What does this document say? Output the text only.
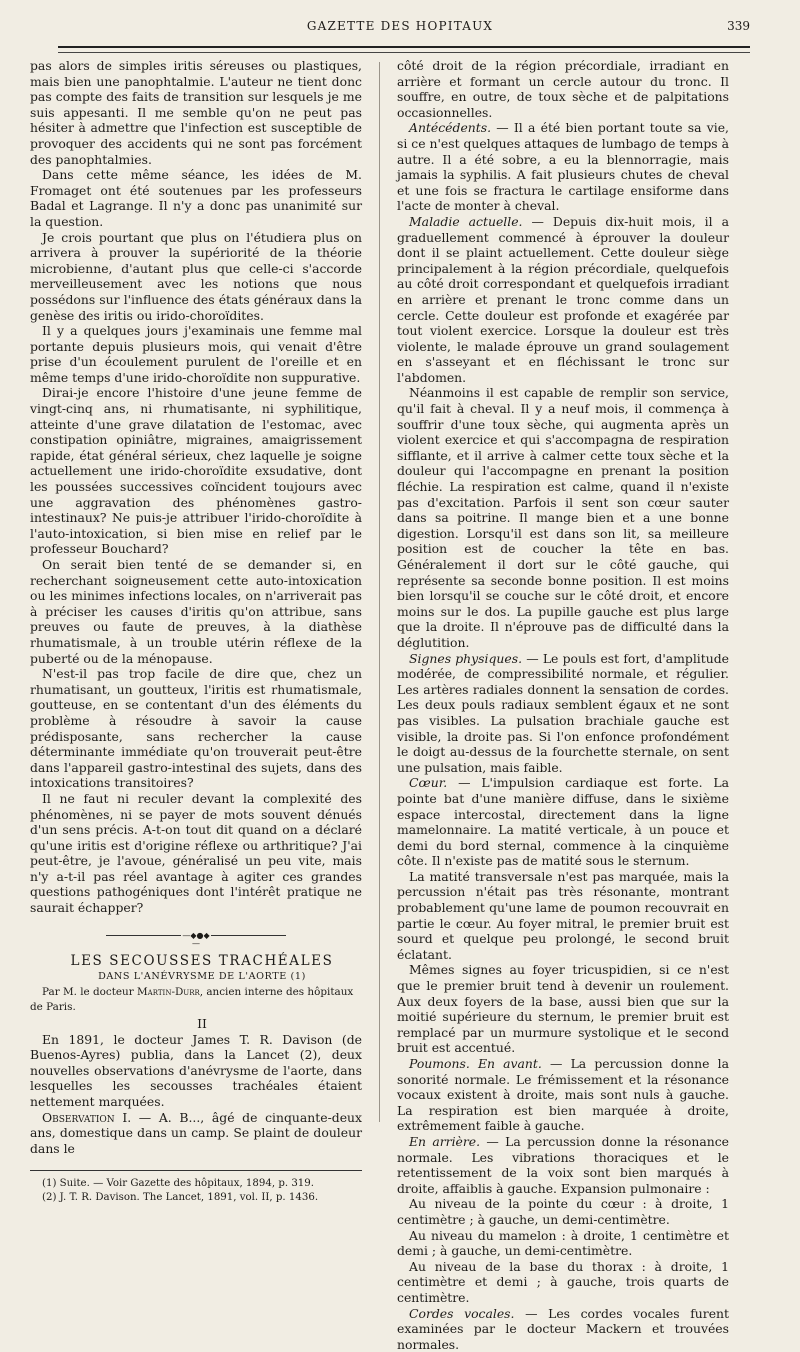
GAZETTE DES HOPITAUX	339

pas alors de simples iritis séreuses ou plastiques, mais bien une panophtalmie. L'auteur ne tient donc pas compte des faits de transition sur lesquels je me suis appesanti. Il me semble qu'on ne peut pas hésiter à admettre que l'infection est susceptible de provoquer des accidents qui ne sont pas forcément des panophtalmies.

Dans cette même séance, les idées de M. Fromaget ont été soutenues par les professeurs Badal et Lagrange. Il n'y a donc pas unanimité sur la question.

Je crois pourtant que plus on l'étudiera plus on arrivera à prouver la supériorité de la théorie microbienne, d'autant plus que celle-ci s'accorde merveilleusement avec les notions que nous possédons sur l'influence des états généraux dans la genèse des iritis ou irido-choroïdites.

Il y a quelques jours j'examinais une femme mal portante depuis plusieurs mois, qui venait d'être prise d'un écoulement purulent de l'oreille et en même temps d'une irido-choroïdite non suppurative.

Dirai-je encore l'histoire d'une jeune femme de vingt-cinq ans, ni rhumatisante, ni syphilitique, atteinte d'une grave dilatation de l'estomac, avec constipation opiniâtre, migraines, amaigrissement rapide, état général sérieux, chez laquelle je soigne actuellement une irido-choroïdite exsudative, dont les poussées successives coïncident toujours avec une aggravation des phénomènes gastro-intestinaux? Ne puis-je attribuer l'irido-choroïdite à l'auto-intoxication, si bien mise en relief par le professeur Bouchard?

On serait bien tenté de se demander si, en recherchant soigneusement cette auto-intoxication ou les minimes infections locales, on n'arriverait pas à préciser les causes d'iritis qu'on attribue, sans preuves ou faute de preuves, à la diathèse rhumatismale, à un trouble utérin réflexe de la puberté ou de la ménopause.

N'est-il pas trop facile de dire que, chez un rhumatisant, un goutteux, l'iritis est rhumatismale, goutteuse, en se contentant d'un des éléments du problème à résoudre à savoir la cause prédisposante, sans rechercher la cause déterminante immédiate qu'on trouverait peut-être dans l'appareil gastro-intestinal des sujets, dans des intoxications transitoires?

Il ne faut ni reculer devant la complexité des phénomènes, ni se payer de mots souvent dénués d'un sens précis. A-t-on tout dit quand on a déclaré qu'une iritis est d'origine réflexe ou arthritique? J'ai peut-être, je l'avoue, généralisé un peu vite, mais n'y a-t-il pas réel avantage à agiter ces grandes questions pathogéniques dont l'intérêt pratique ne saurait échapper?

—◆●◆—

LES SECOUSSES TRACHÉALES

DANS L'ANÉVRYSME DE L'AORTE (1)

Par M. le docteur Martin-Durr, ancien interne des hôpitaux de Paris.

II

En 1891, le docteur James T. R. Davison (de Buenos-Ayres) publia, dans la Lancet (2), deux nouvelles observations d'anévrysme de l'aorte, dans lesquelles les secousses trachéales étaient nettement marquées.

Observation I. — A. B..., âgé de cinquante-deux ans, domestique dans un camp. Se plaint de douleur dans le

(1) Suite. — Voir Gazette des hôpitaux, 1894, p. 319.

(2) J. T. R. Davison. The Lancet, 1891, vol. II, p. 1436.

côté droit de la région précordiale, irradiant en arrière et formant un cercle autour du tronc. Il souffre, en outre, de toux sèche et de palpitations occasionnelles.

Antécédents. — Il a été bien portant toute sa vie, si ce n'est quelques attaques de lumbago de temps à autre. Il a été sobre, a eu la blennorragie, mais jamais la syphilis. A fait plusieurs chutes de cheval et une fois se fractura le cartilage ensiforme dans l'acte de monter à cheval.

Maladie actuelle. — Depuis dix-huit mois, il a graduellement commencé à éprouver la douleur dont il se plaint actuellement. Cette douleur siège principalement à la région précordiale, quelquefois au côté droit correspondant et quelquefois irradiant en arrière et prenant le tronc comme dans un cercle. Cette douleur est profonde et exagérée par tout violent exercice. Lorsque la douleur est très violente, le malade éprouve un grand soulagement en s'asseyant et en fléchissant le tronc sur l'abdomen.

Néanmoins il est capable de remplir son service, qu'il fait à cheval. Il y a neuf mois, il commença à souffrir d'une toux sèche, qui augmenta après un violent exercice et qui s'accompagna de respiration sifflante, et il arrive à calmer cette toux sèche et la douleur qui l'accompagne en prenant la position fléchie. La respiration est calme, quand il n'existe pas d'excitation. Parfois il sent son cœur sauter dans sa poitrine. Il mange bien et a une bonne digestion. Lorsqu'il est dans son lit, sa meilleure position est de coucher la tête en bas. Généralement il dort sur le côté gauche, qui représente sa seconde bonne position. Il est moins bien lorsqu'il se couche sur le côté droit, et encore moins sur le dos. La pupille gauche est plus large que la droite. Il n'éprouve pas de difficulté dans la déglutition.

Signes physiques. — Le pouls est fort, d'amplitude modérée, de compressibilité normale, et régulier. Les artères radiales donnent la sensation de cordes. Les deux pouls radiaux semblent égaux et ne sont pas visibles. La pulsation brachiale gauche est visible, la droite pas. Si l'on enfonce profondément le doigt au-dessus de la fourchette sternale, on sent une pulsation, mais faible.

Cœur. — L'impulsion cardiaque est forte. La pointe bat d'une manière diffuse, dans le sixième espace intercostal, directement dans la ligne mamelonnaire. La matité verticale, à un pouce et demi du bord sternal, commence à la cinquième côte. Il n'existe pas de matité sous le sternum.

La matité transversale n'est pas marquée, mais la percussion n'était pas très résonante, montrant probablement qu'une lame de poumon recouvrait en partie le cœur. Au foyer mitral, le premier bruit est sourd et quelque peu prolongé, le second bruit éclatant.

Mêmes signes au foyer tricuspidien, si ce n'est que le premier bruit tend à devenir un roulement. Aux deux foyers de la base, aussi bien que sur la moitié supérieure du sternum, le premier bruit est remplacé par un murmure systolique et le second bruit est accentué.

Poumons. En avant. — La percussion donne la sonorité normale. Le frémissement et la résonance vocaux existent à droite, mais sont nuls à gauche. La respiration est bien marquée à droite, extrêmement faible à gauche.

En arrière. — La percussion donne la résonance normale. Les vibrations thoraciques et le retentissement de la voix sont bien marqués à droite, affaiblis à gauche. Expansion pulmonaire :

Au niveau de la pointe du cœur : à droite, 1 centimètre ; à gauche, un demi-centimètre.

Au niveau du mamelon : à droite, 1 centimètre et demi ; à gauche, un demi-centimètre.

Au niveau de la base du thorax : à droite, 1 centimètre et demi ; à gauche, trois quarts de centimètre.

Cordes vocales. — Les cordes vocales furent examinées par le docteur Mackern et trouvées normales.
